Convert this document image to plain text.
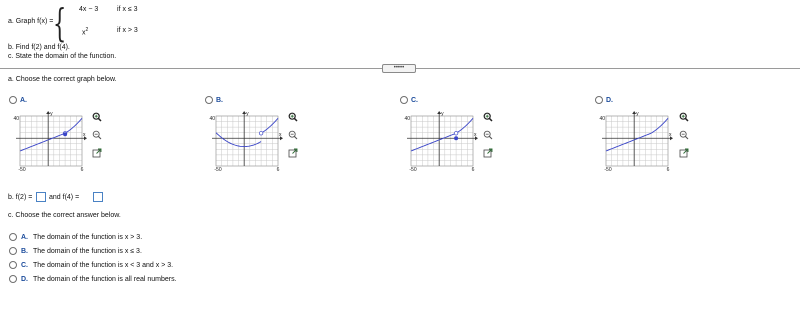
a. Graph f(x) = { 4x − 3	if x ≤ 3
$x^2$	if x > 3
b. Find f(2) and f(4).
c. State the domain of the function.
•••••
a. Choose the correct graph below.
A.
y
x
40
-50	6
B.
y
x
40
-50	6
C.
y
x
40
-50	6
D.
y
x
40
-50	6
b. f(2) = and f(4) =
c. Choose the correct answer below.
A. The domain of the function is x > 3.
B. The domain of the function is x ≤ 3.
C. The domain of the function is x < 3 and x > 3.
D. The domain of the function is all real numbers.
